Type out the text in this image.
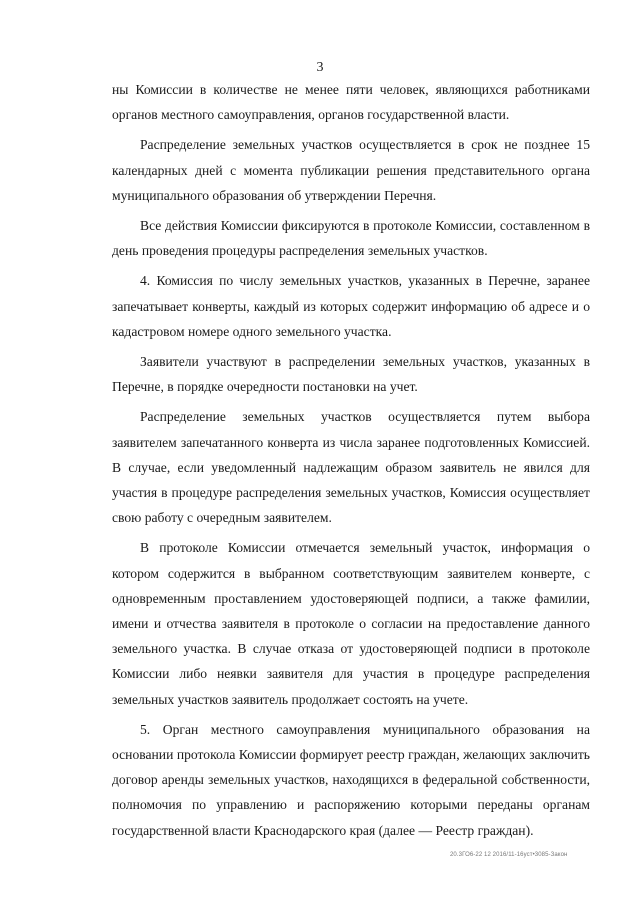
3

ны Комиссии в количестве не менее пяти человек, являющихся работниками органов местного самоуправления, органов государственной власти.

Распределение земельных участков осуществляется в срок не позднее 15 календарных дней с момента публикации решения представительного органа муниципального образования об утверждении Перечня.

Все действия Комиссии фиксируются в протоколе Комиссии, составленном в день проведения процедуры распределения земельных участков.

4. Комиссия по числу земельных участков, указанных в Перечне, заранее запечатывает конверты, каждый из которых содержит информацию об адресе и о кадастровом номере одного земельного участка.

Заявители участвуют в распределении земельных участков, указанных в Перечне, в порядке очередности постановки на учет.

Распределение земельных участков осуществляется путем выбора заявителем запечатанного конверта из числа заранее подготовленных Комиссией. В случае, если уведомленный надлежащим образом заявитель не явился для участия в процедуре распределения земельных участков, Комиссия осуществляет свою работу с очередным заявителем.

В протоколе Комиссии отмечается земельный участок, информация о котором содержится в выбранном соответствующим заявителем конверте, с одновременным проставлением удостоверяющей подписи, а также фамилии, имени и отчества заявителя в протоколе о согласии на предоставление данного земельного участка. В случае отказа от удостоверяющей подписи в протоколе Комиссии либо неявки заявителя для участия в процедуре распределения земельных участков заявитель продолжает состоять на учете.

5. Орган местного самоуправления муниципального образования на основании протокола Комиссии формирует реестр граждан, желающих заключить договор аренды земельных участков, находящихся в федеральной собственности, полномочия по управлению и распоряжению которыми переданы органам государственной власти Краснодарского края (далее — Реестр граждан).

20.3ГО6-22 12 2016/11-16уст•3085-Закон
